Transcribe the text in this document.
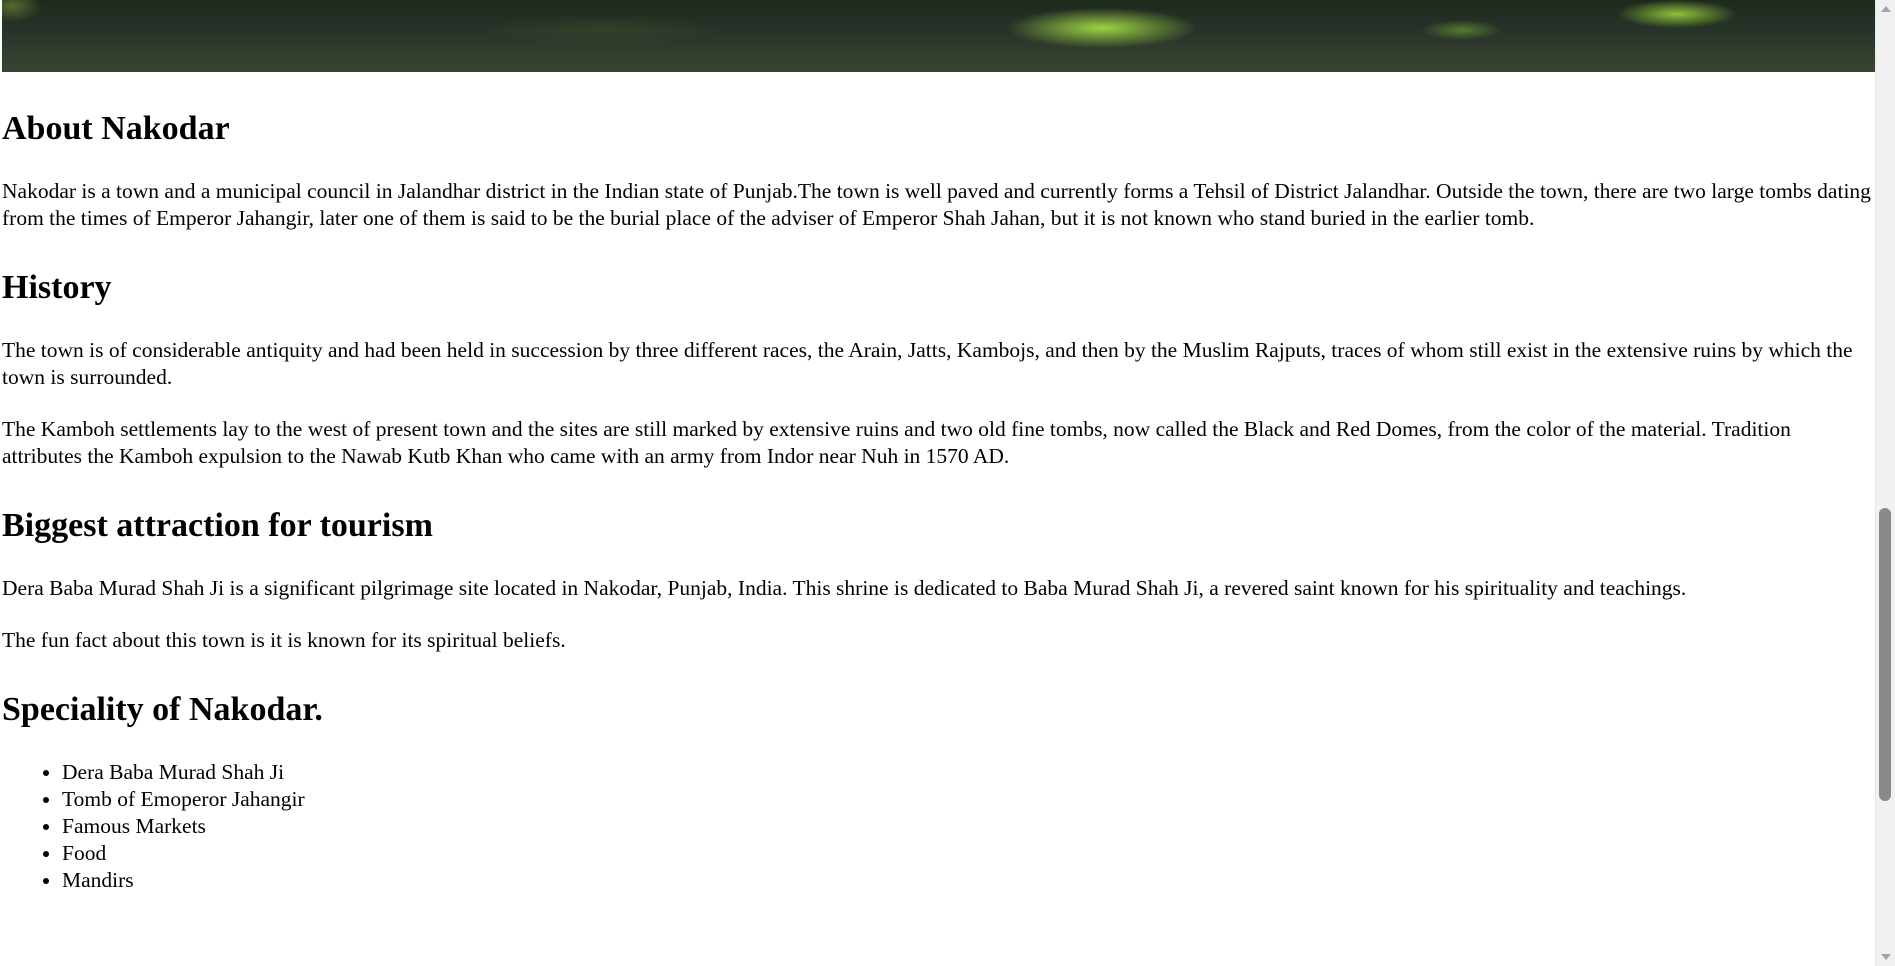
About Nakodar

Nakodar is a town and a municipal council in Jalandhar district in the Indian state of Punjab.The town is well paved and currently forms a Tehsil of District Jalandhar. Outside the town, there are two large tombs dating from the times of Emperor Jahangir, later one of them is said to be the burial place of the adviser of Emperor Shah Jahan, but it is not known who stand buried in the earlier tomb.

History

The town is of considerable antiquity and had been held in succession by three different races, the Arain, Jatts, Kambojs, and then by the Muslim Rajputs, traces of whom still exist in the extensive ruins by which the town is surrounded.

The Kamboh settlements lay to the west of present town and the sites are still marked by extensive ruins and two old fine tombs, now called the Black and Red Domes, from the color of the material. Tradition attributes the Kamboh expulsion to the Nawab Kutb Khan who came with an army from Indor near Nuh in 1570 AD.

Biggest attraction for tourism

Dera Baba Murad Shah Ji is a significant pilgrimage site located in Nakodar, Punjab, India. This shrine is dedicated to Baba Murad Shah Ji, a revered saint known for his spirituality and teachings.

The fun fact about this town is it is known for its spiritual beliefs.

Speciality of Nakodar.
• Dera Baba Murad Shah Ji
• Tomb of Emoperor Jahangir
• Famous Markets
• Food
• Mandirs
